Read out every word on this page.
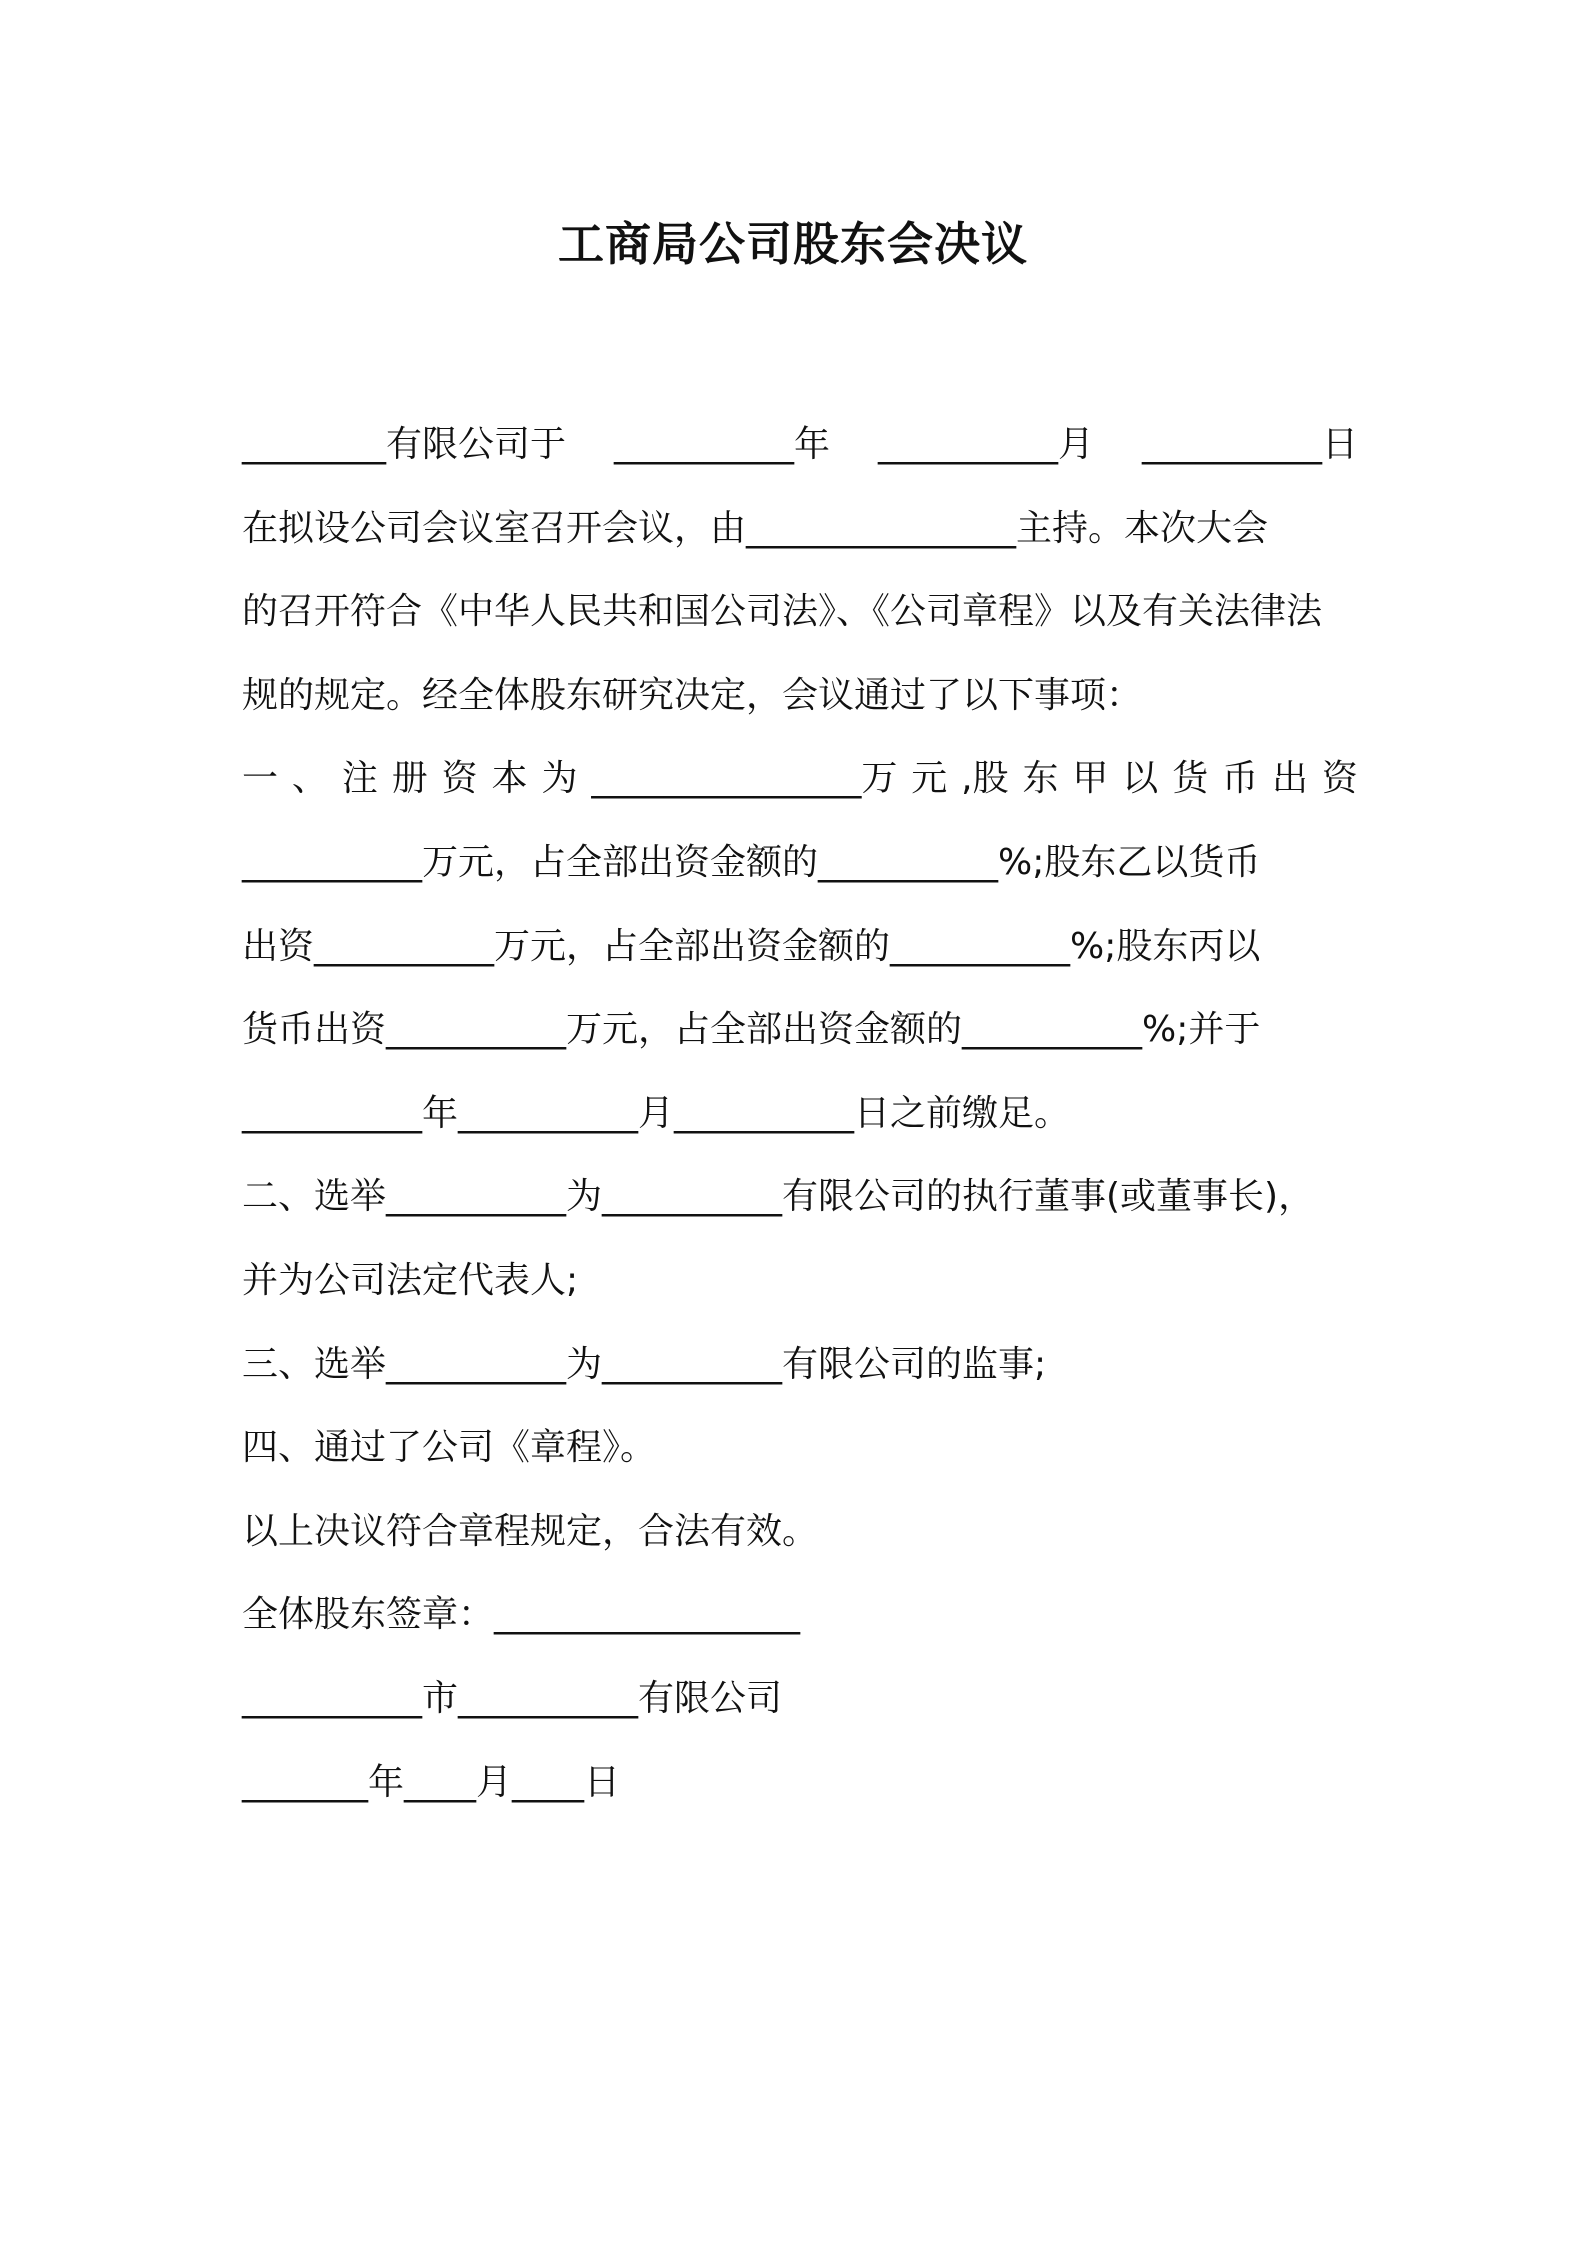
工商局公司股东会决议
________有限公司于 __________年 __________月 __________日
在拟设公司会议室召开会议，由_______________主持。本次大会
的召开符合《中华人民共和国公司法》、《公司章程》以及有关法律法
规的规定。经全体股东研究决定，会议通过了以下事项：
一 、 注 册 资 本 为 _______________万 元 ,股 东 甲 以 货 币 出 资
__________万元，占全部出资金额的__________%;股东乙以货币
出资__________万元，占全部出资金额的__________%;股东丙以
货币出资__________万元，占全部出资金额的__________%;并于
__________年__________月__________日之前缴足。
二、选举__________为__________有限公司的执行董事(或董事长)，
并为公司法定代表人;
三、选举__________为__________有限公司的监事;
四、通过了公司《章程》。
以上决议符合章程规定，合法有效。
全体股东签章：_________________
__________市__________有限公司
_______年____月____日
